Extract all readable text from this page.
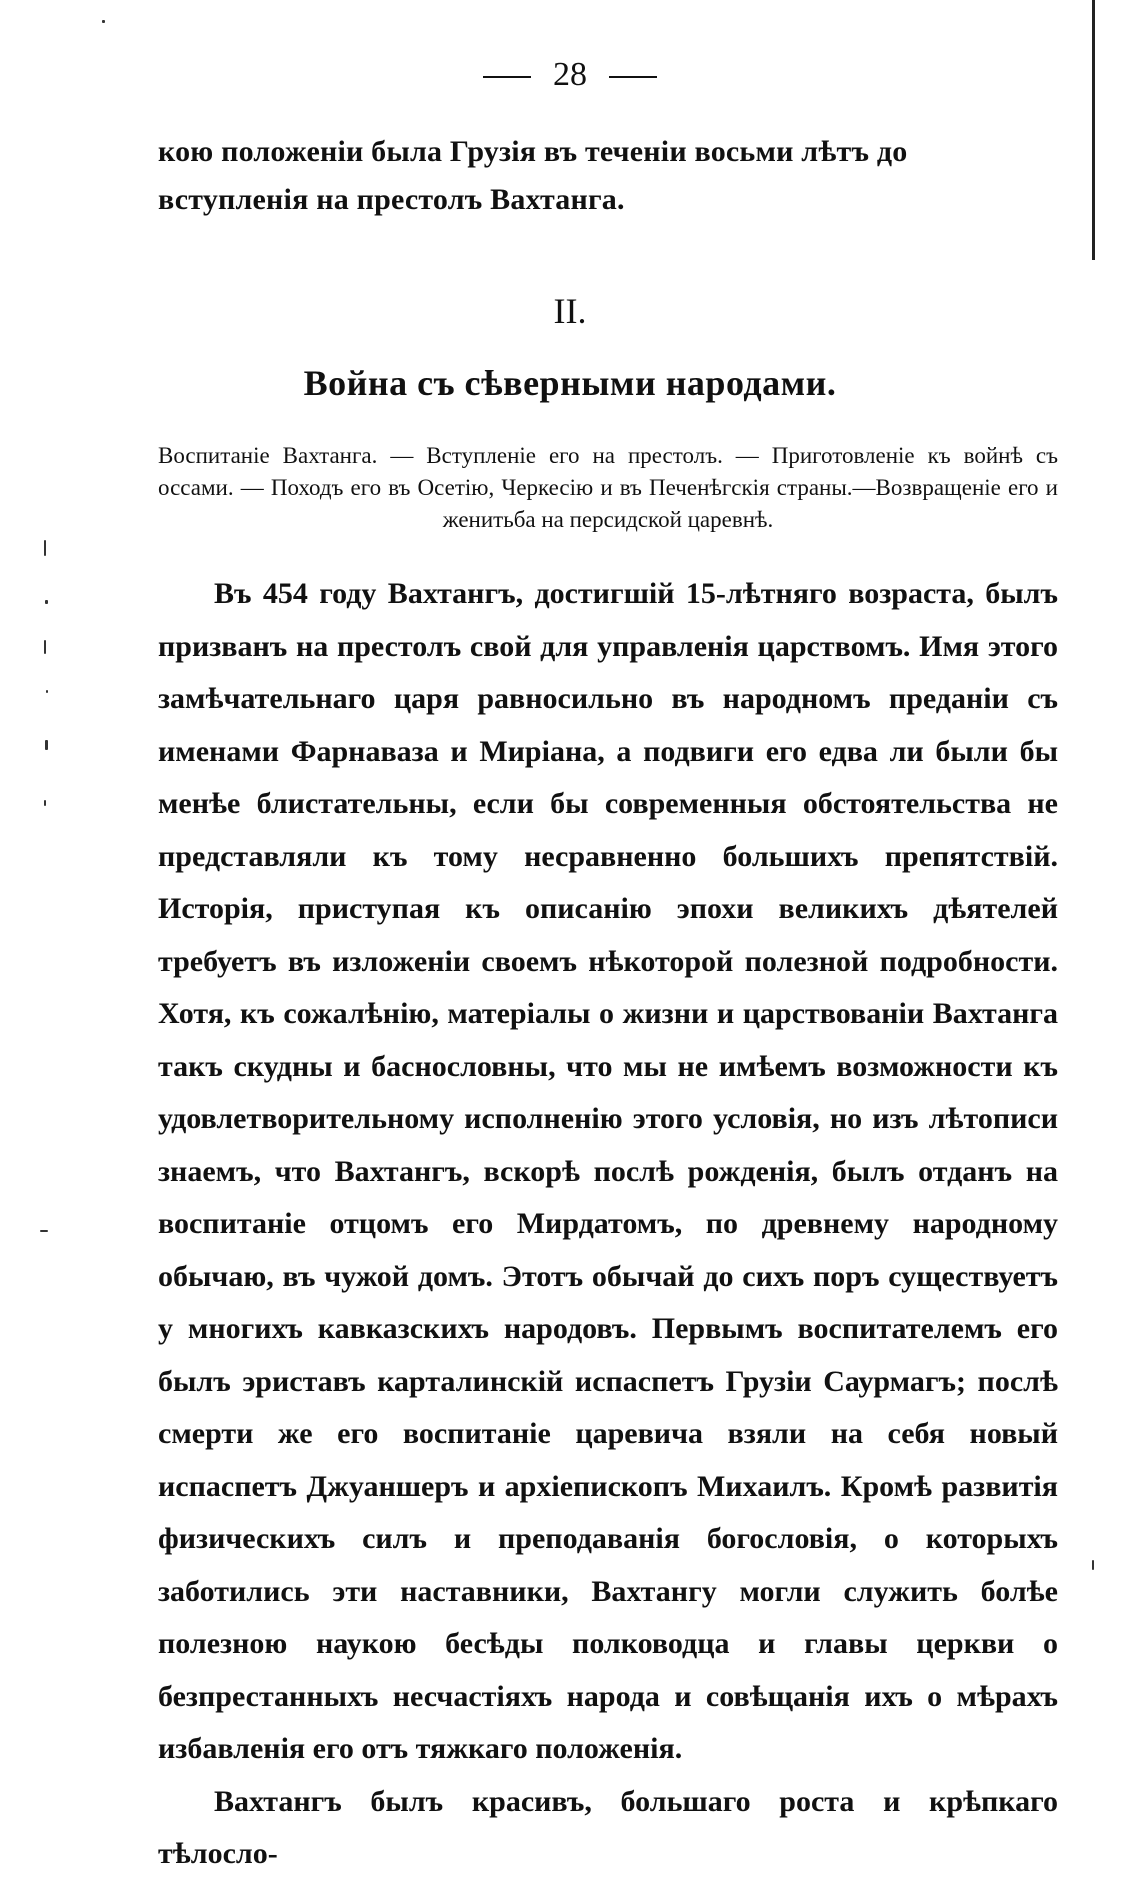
28

кою положеніи была Грузія въ теченіи восьми лѣтъ до вступленія на престолъ Вахтанга.

II.
Война съ сѣверными народами.
Воспитаніе Вахтанга. — Вступленіе его на престолъ. — Приготовленіе къ войнѣ съ оссами. — Походъ его въ Осетію, Черкесію и въ Печенѣгскія страны.—Возвращеніе его и женитьба на персидской царевнѣ.

Въ 454 году Вахтангъ, достигшій 15-лѣтняго возраста, былъ призванъ на престолъ свой для управленія царствомъ. Имя этого замѣчательнаго царя равносильно въ народномъ преданіи съ именами Фарнаваза и Миріана, а подвиги его едва ли были бы менѣе блистательны, если бы современныя обстоятельства не представляли къ тому несравненно большихъ препятствій. Исторія, приступая къ описанію эпохи великихъ дѣятелей требуетъ въ изложеніи своемъ нѣкоторой полезной подробности. Хотя, къ сожалѣнію, матеріалы о жизни и царствованіи Вахтанга такъ скудны и баснословны, что мы не имѣемъ возможности къ удовлетворительному исполненію этого условія, но изъ лѣтописи знаемъ, что Вахтангъ, вскорѣ послѣ рожденія, былъ отданъ на воспитаніе отцомъ его Мирдатомъ, по древнему народному обычаю, въ чужой домъ. Этотъ обычай до сихъ поръ существуетъ у многихъ кавказскихъ народовъ. Первымъ воспитателемъ его былъ эриставъ карталинскій испаспетъ Грузіи Саурмагъ; послѣ смерти же его воспитаніе царевича взяли на себя новый испаспетъ Джуаншеръ и архіепископъ Михаилъ. Кромѣ развитія физическихъ силъ и преподаванія богословія, о которыхъ заботились эти наставники, Вахтангу могли служить болѣе полезною наукою бесѣды полководца и главы церкви о безпрестанныхъ несчастіяхъ народа и совѣщанія ихъ о мѣрахъ избавленія его отъ тяжкаго положенія.

Вахтангъ былъ красивъ, большаго роста и крѣпкаго тѣлосло-
